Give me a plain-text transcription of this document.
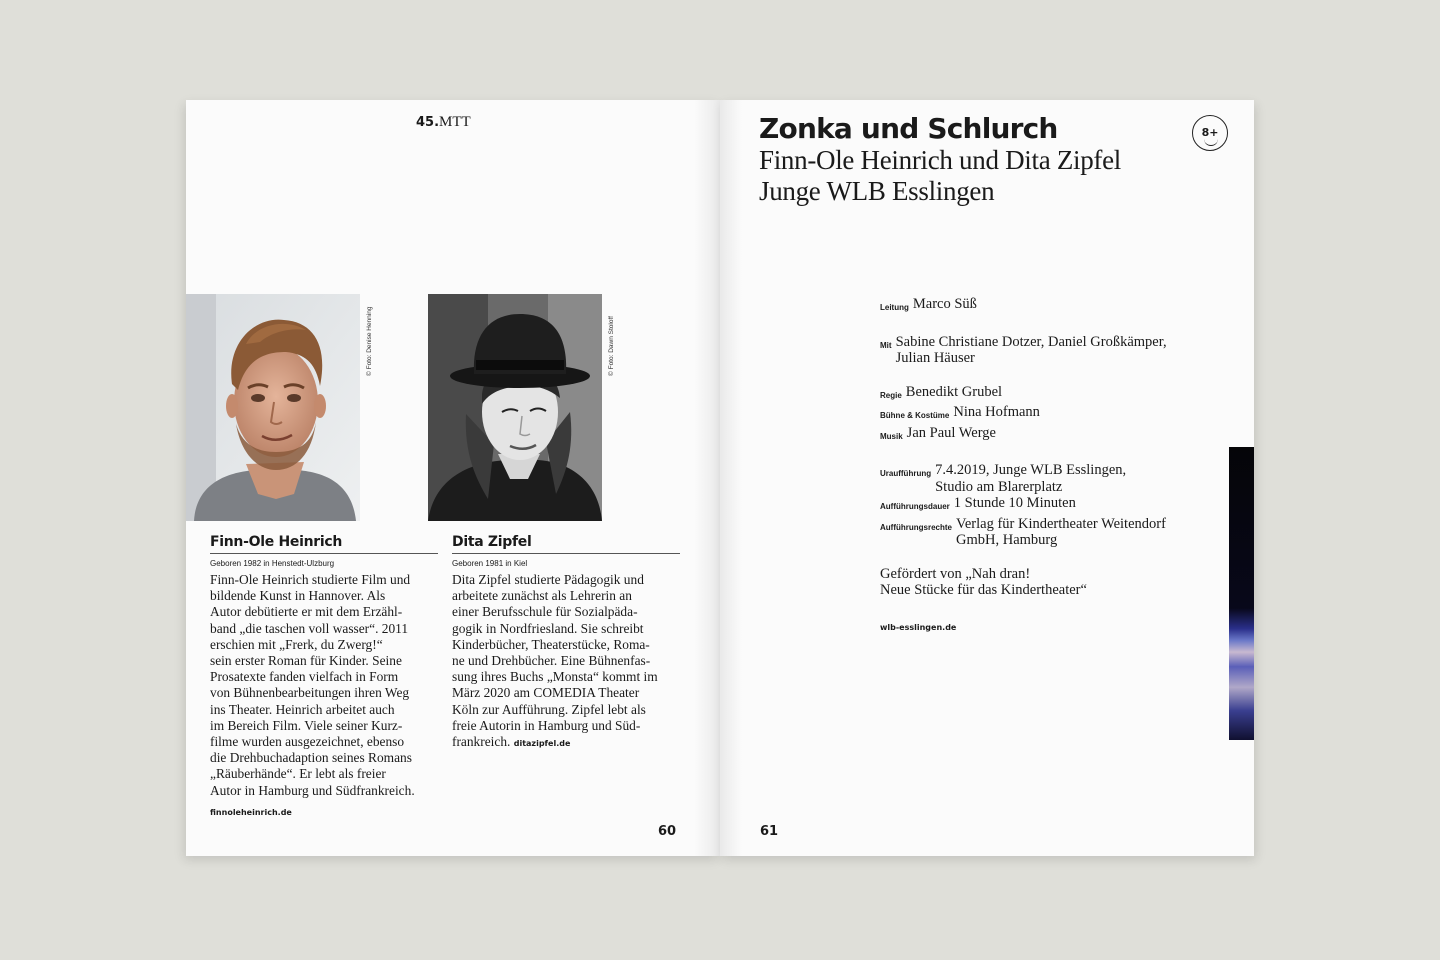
45.MTT
© Foto: Denise Henning	© Foto: Dawn Stoloff
Finn-Ole Heinrich
Geboren 1982 in Henstedt-Ulzburg

Finn-Ole Heinrich studierte Film und

bildende Kunst in Hannover. Als

Autor debütierte er mit dem Erzähl-

band „die taschen voll wasser“. 2011

erschien mit „Frerk, du Zwerg!“

sein erster Roman für Kinder. Seine

Prosatexte fanden vielfach in Form

von Bühnenbearbeitungen ihren Weg

ins Theater. Heinrich arbeitet auch

im Bereich Film. Viele seiner Kurz-

filme wurden ausgezeichnet, ebenso

die Drehbuchadaption seines Romans

„Räuberhände“. Er lebt als freier

Autor in Hamburg und Südfrankreich.

finnoleheinrich.de
Dita Zipfel
Geboren 1981 in Kiel

Dita Zipfel studierte Pädagogik und

arbeitete zunächst als Lehrerin an

einer Berufsschule für Sozialpäda-

gogik in Nordfriesland. Sie schreibt

Kinderbücher, Theaterstücke, Roma-

ne und Drehbücher. Eine Bühnenfas-

sung ihres Buchs „Monsta“ kommt im

März 2020 am COMEDIA Theater

Köln zur Aufführung. Zipfel lebt als

freie Autorin in Hamburg und Süd-

frankreich. ditazipfel.de

60
Zonka und Schlurch
Finn-Ole Heinrich und Dita Zipfel
Junge WLB Esslingen
8+
Leitung Marco Süß
Mit Sabine Christiane Dotzer, Daniel Großkämper,

Julian Häuser

Regie Benedikt Grubel
Bühne & Kostüme Nina Hofmann
Musik Jan Paul Werge
Uraufführung 7.4.2019, Junge WLB Esslingen,

Studio am Blarerplatz

Aufführungsdauer 1 Stunde 10 Minuten
Aufführungsrechte Verlag für Kindertheater Weitendorf

GmbH, Hamburg

Gefördert von „Nah dran!

Neue Stücke für das Kindertheater“

wlb-esslingen.de
61
